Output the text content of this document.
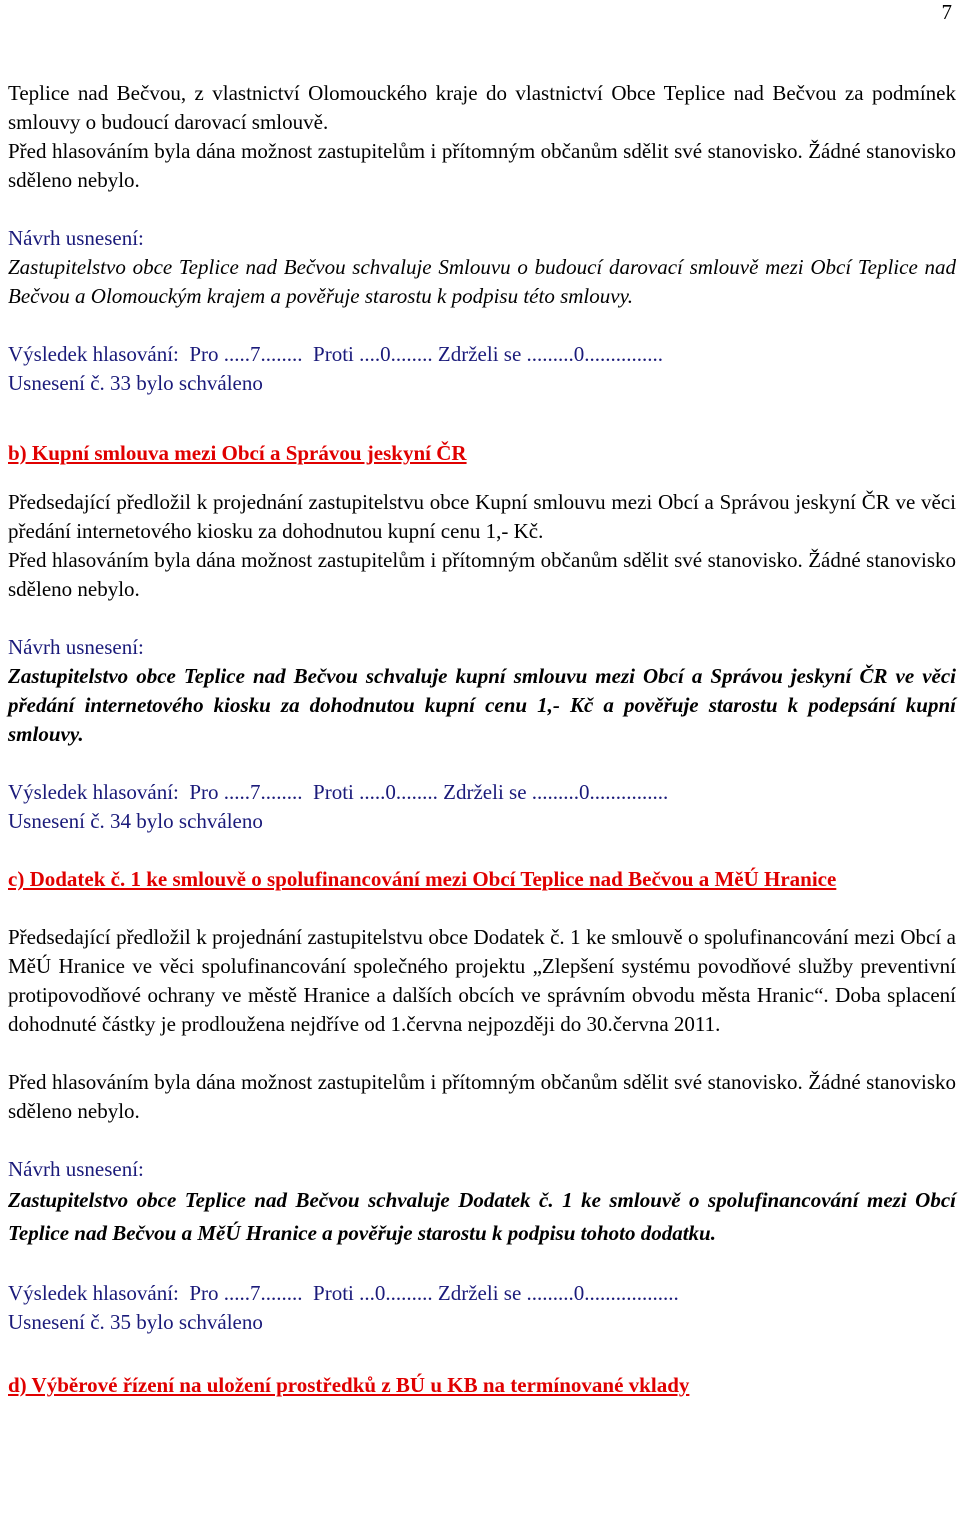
7

Teplice nad Bečvou, z vlastnictví Olomouckého kraje do vlastnictví Obce Teplice nad Bečvou za podmínek smlouvy o budoucí darovací smlouvě.

Před hlasováním byla dána možnost zastupitelům i přítomným občanům sdělit své stanovisko. Žádné stanovisko sděleno nebylo.

Návrh usnesení:

Zastupitelstvo obce Teplice nad Bečvou schvaluje Smlouvu o budoucí darovací smlouvě mezi Obcí Teplice nad Bečvou a Olomouckým krajem a pověřuje starostu k podpisu této smlouvy.

Výsledek hlasování:  Pro .....7........  Proti ....0........ Zdrželi se .........0...............

Usnesení č. 33 bylo schváleno

b) Kupní smlouva mezi Obcí a Správou jeskyní ČR

Předsedající předložil k projednání zastupitelstvu obce Kupní smlouvu mezi Obcí a Správou jeskyní ČR ve věci předání internetového kiosku za dohodnutou kupní cenu 1,- Kč.

Před hlasováním byla dána možnost zastupitelům i přítomným občanům sdělit své stanovisko. Žádné stanovisko sděleno nebylo.

Návrh usnesení:

Zastupitelstvo obce Teplice nad Bečvou schvaluje kupní smlouvu mezi Obcí a Správou jeskyní ČR ve věci předání internetového kiosku za dohodnutou kupní cenu 1,- Kč a pověřuje starostu k podepsání kupní smlouvy.

Výsledek hlasování:  Pro .....7........  Proti .....0........ Zdrželi se .........0...............

Usnesení č. 34 bylo schváleno

c) Dodatek č. 1 ke smlouvě o spolufinancování mezi Obcí Teplice nad Bečvou a MěÚ Hranice

Předsedající předložil k projednání zastupitelstvu obce Dodatek č. 1 ke smlouvě o spolufinancování mezi Obcí a MěÚ Hranice ve věci spolufinancování společného projektu „Zlepšení systému povodňové služby preventivní protipovodňové ochrany ve městě Hranice a dalších obcích ve správním obvodu města Hranic“. Doba splacení dohodnuté částky je prodloužena nejdříve od 1.června nejpozději do 30.června 2011.

Před hlasováním byla dána možnost zastupitelům i přítomným občanům sdělit své stanovisko. Žádné stanovisko sděleno nebylo.

Návrh usnesení:

Zastupitelstvo obce Teplice nad Bečvou schvaluje Dodatek č. 1 ke smlouvě o spolufinancování mezi Obcí Teplice nad Bečvou a MěÚ Hranice a pověřuje starostu k podpisu tohoto dodatku.

Výsledek hlasování:  Pro .....7........  Proti ...0......... Zdrželi se .........0..................

Usnesení č. 35 bylo schváleno

d) Výběrové řízení na uložení prostředků z BÚ u KB na termínované vklady
